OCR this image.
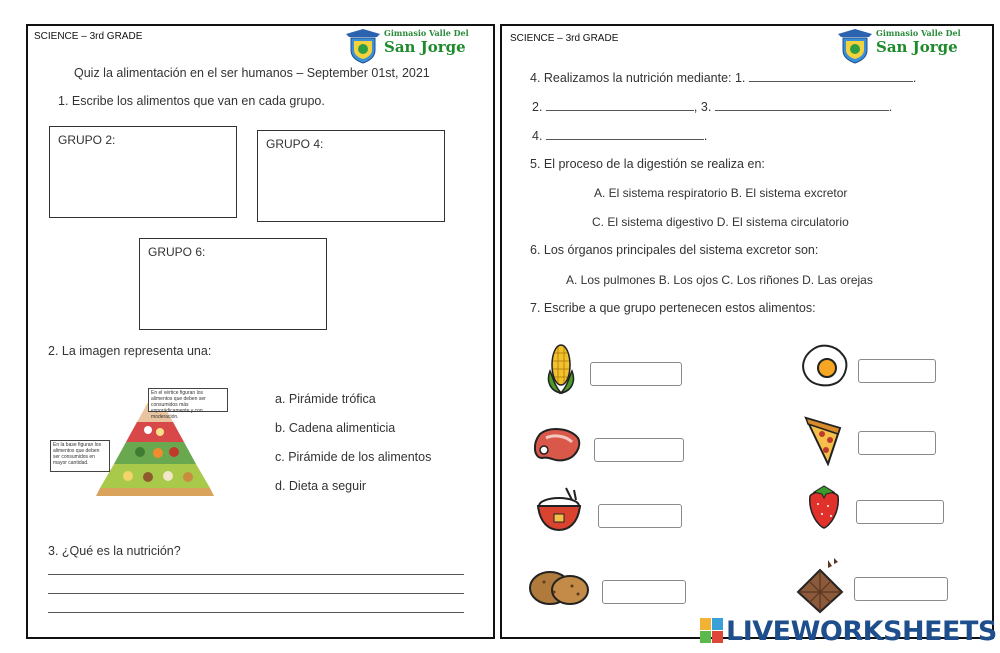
SCIENCE – 3rd GRADE	Gimnasio Valle Del
San Jorge
Quiz la alimentación en el ser humanos – September 01st, 2021
1. Escribe los alimentos que van en cada grupo.
GRUPO 2:	GRUPO 4:
GRUPO 6:
2. La imagen representa una:
En el vértice figuran los alimentos que deben ser consumidos más esporádicamente y con moderación.
En la base figuran los alimentos que deben ser consumidos en mayor cantidad.
a. Pirámide trófica
b. Cadena alimenticia
c. Pirámide de los alimentos
d. Dieta a seguir
3. ¿Qué es la nutrición?
SCIENCE – 3rd GRADE	Gimnasio Valle Del
San Jorge
4. Realizamos la nutrición mediante: 1.	.
2.	, 3.	.
4.	.
5. El proceso de la digestión se realiza en:
A. El sistema respiratorio B. El sistema excretor
C. El sistema digestivo D. El sistema circulatorio
6. Los órganos principales del sistema excretor son:
A. Los pulmones B. Los ojos C. Los riñones D. Las orejas
7. Escribe a que grupo pertenecen estos alimentos:
LIVEWORKSHEETS
